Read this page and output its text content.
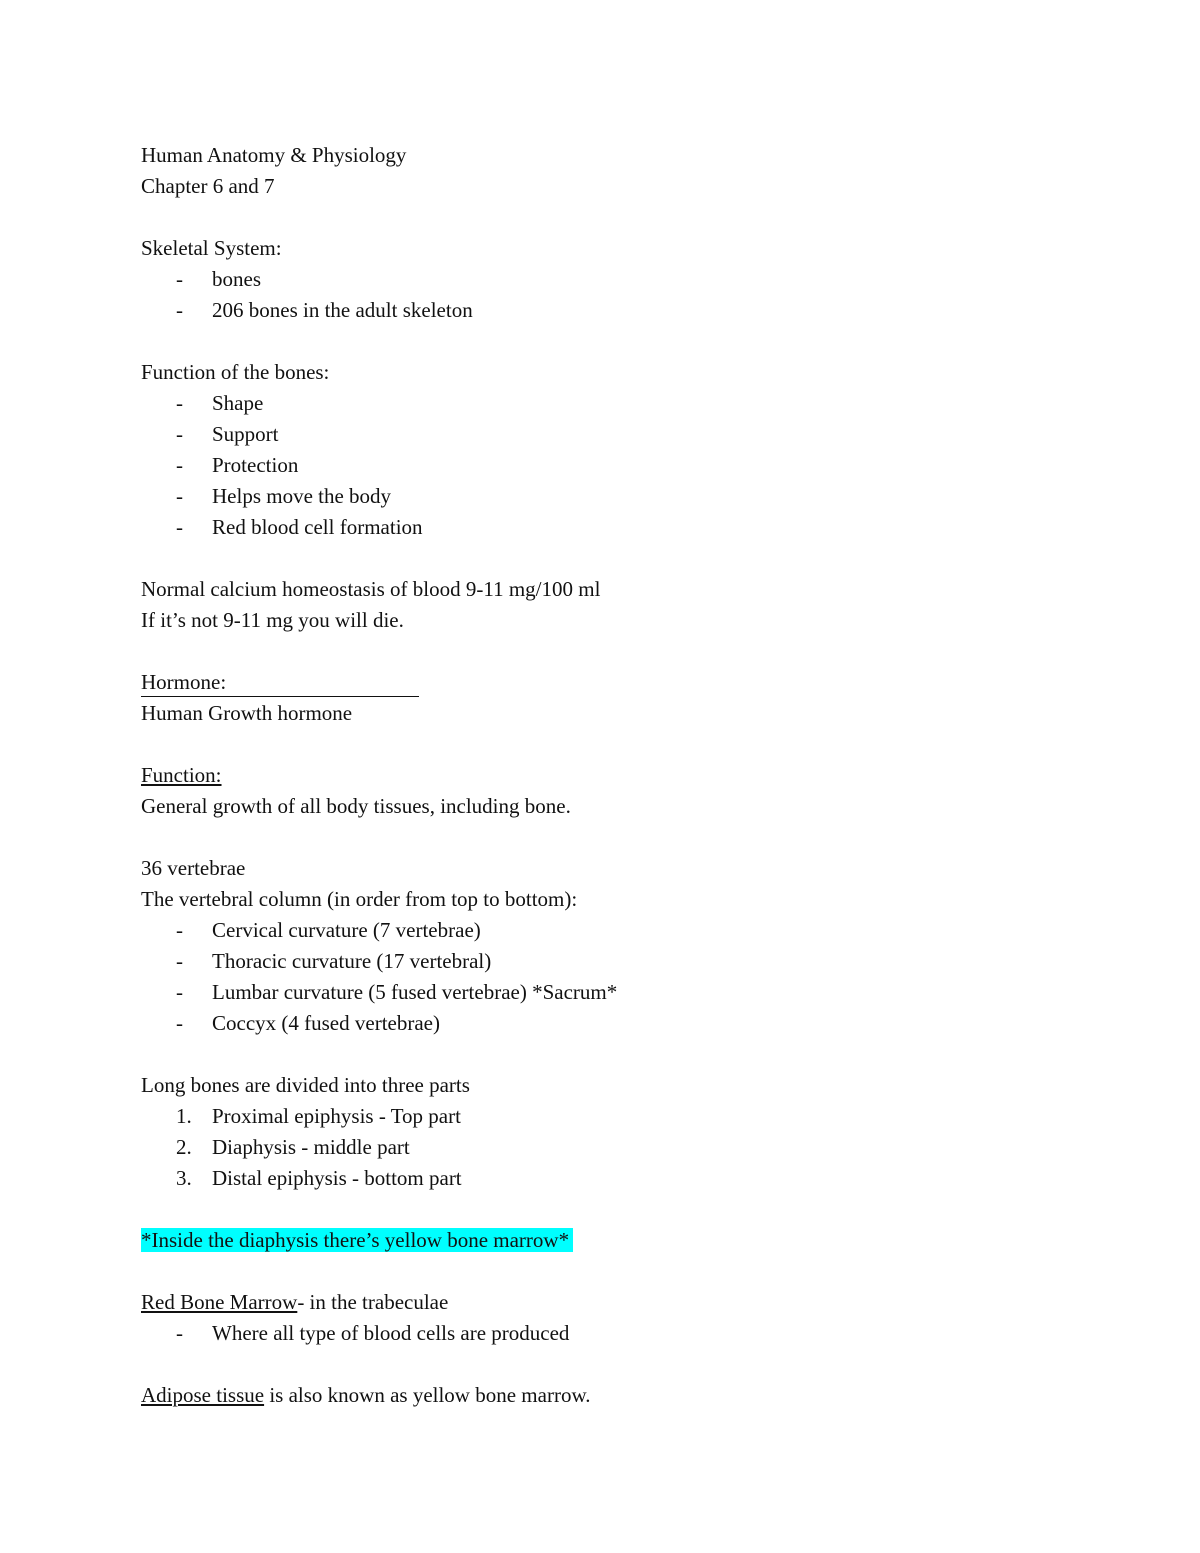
Human Anatomy & Physiology
Chapter 6 and 7
Skeletal System:
-	bones
-	206 bones in the adult skeleton
Function of the bones:
-	Shape
-	Support
-	Protection
-	Helps move the body
-	Red blood cell formation
Normal calcium homeostasis of blood 9-11 mg/100 ml
If it’s not 9-11 mg you will die.
Hormone:
Human Growth hormone
Function:
General growth of all body tissues, including bone.
36 vertebrae
The vertebral column (in order from top to bottom):
-	Cervical curvature (7 vertebrae)
-	Thoracic curvature (17 vertebral)
-	Lumbar curvature (5 fused vertebrae) *Sacrum*
-	Coccyx (4 fused vertebrae)
Long bones are divided into three parts
1. Proximal epiphysis - Top part
2. Diaphysis - middle part
3. Distal epiphysis - bottom part
*Inside the diaphysis there’s yellow bone marrow*
Red Bone Marrow- in the trabeculae
-	Where all type of blood cells are produced
Adipose tissue is also known as yellow bone marrow.
